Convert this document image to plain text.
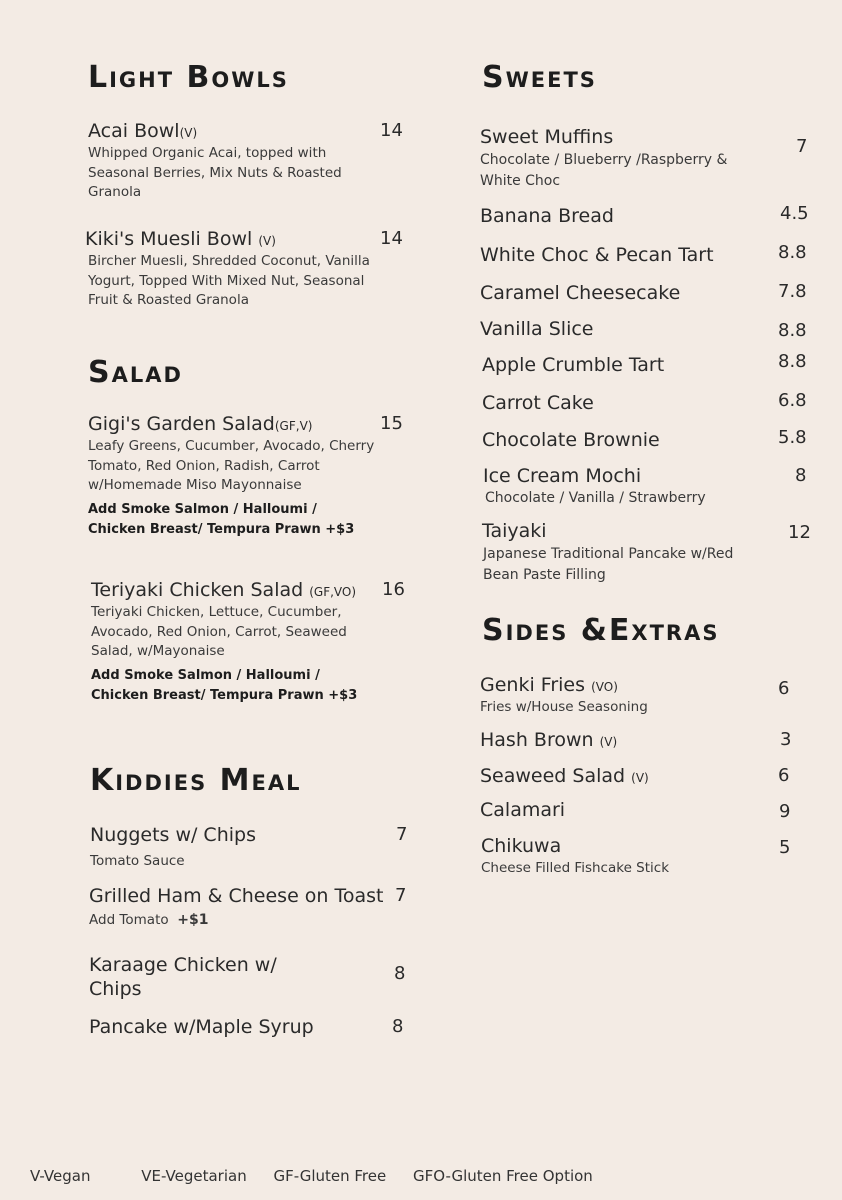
Light Bowls
Acai Bowl(V)	14
Whipped Organic Acai, topped with Seasonal Berries, Mix Nuts & Roasted Granola
Kiki's Muesli Bowl (V)	14
Bircher Muesli, Shredded Coconut, Vanilla Yogurt, Topped With Mixed Nut, Seasonal Fruit & Roasted Granola
Salad
Gigi's Garden Salad(GF,V)	15
Leafy Greens, Cucumber, Avocado, Cherry Tomato, Red Onion, Radish, Carrot w/Homemade Miso Mayonnaise
Add Smoke Salmon / Halloumi / Chicken Breast/ Tempura Prawn +$3
Teriyaki Chicken Salad (GF,VO)	16
Teriyaki Chicken, Lettuce, Cucumber, Avocado, Red Onion, Carrot, Seaweed Salad, w/Mayonaise
Add Smoke Salmon / Halloumi / Chicken Breast/ Tempura Prawn +$3
Kiddies Meal
Nuggets w/ Chips	7
Tomato Sauce
Grilled Ham & Cheese on Toast 7
Add Tomato +$1
Karaage Chicken w/ Chips
8
Pancake w/Maple Syrup	8
Sweets
Sweet Muffins	7
Chocolate / Blueberry /Raspberry & White Choc
Banana Bread	4.5
White Choc & Pecan Tart	8.8
Caramel Cheesecake	7.8
Vanilla Slice	8.8
Apple Crumble Tart	8.8
Carrot Cake	6.8
Chocolate Brownie	5.8
Ice Cream Mochi	8
Chocolate / Vanilla / Strawberry
Taiyaki	12
Japanese Traditional Pancake w/Red Bean Paste Filling
Sides &Extras
Genki Fries (VO)	6
Fries w/House Seasoning
Hash Brown (V)	3
Seaweed Salad (V)	6
Calamari	9
Chikuwa	5
Cheese Filled Fishcake Stick
V-Vegan	VE-Vegetarian GF-Gluten Free GFO-Gluten Free Option
